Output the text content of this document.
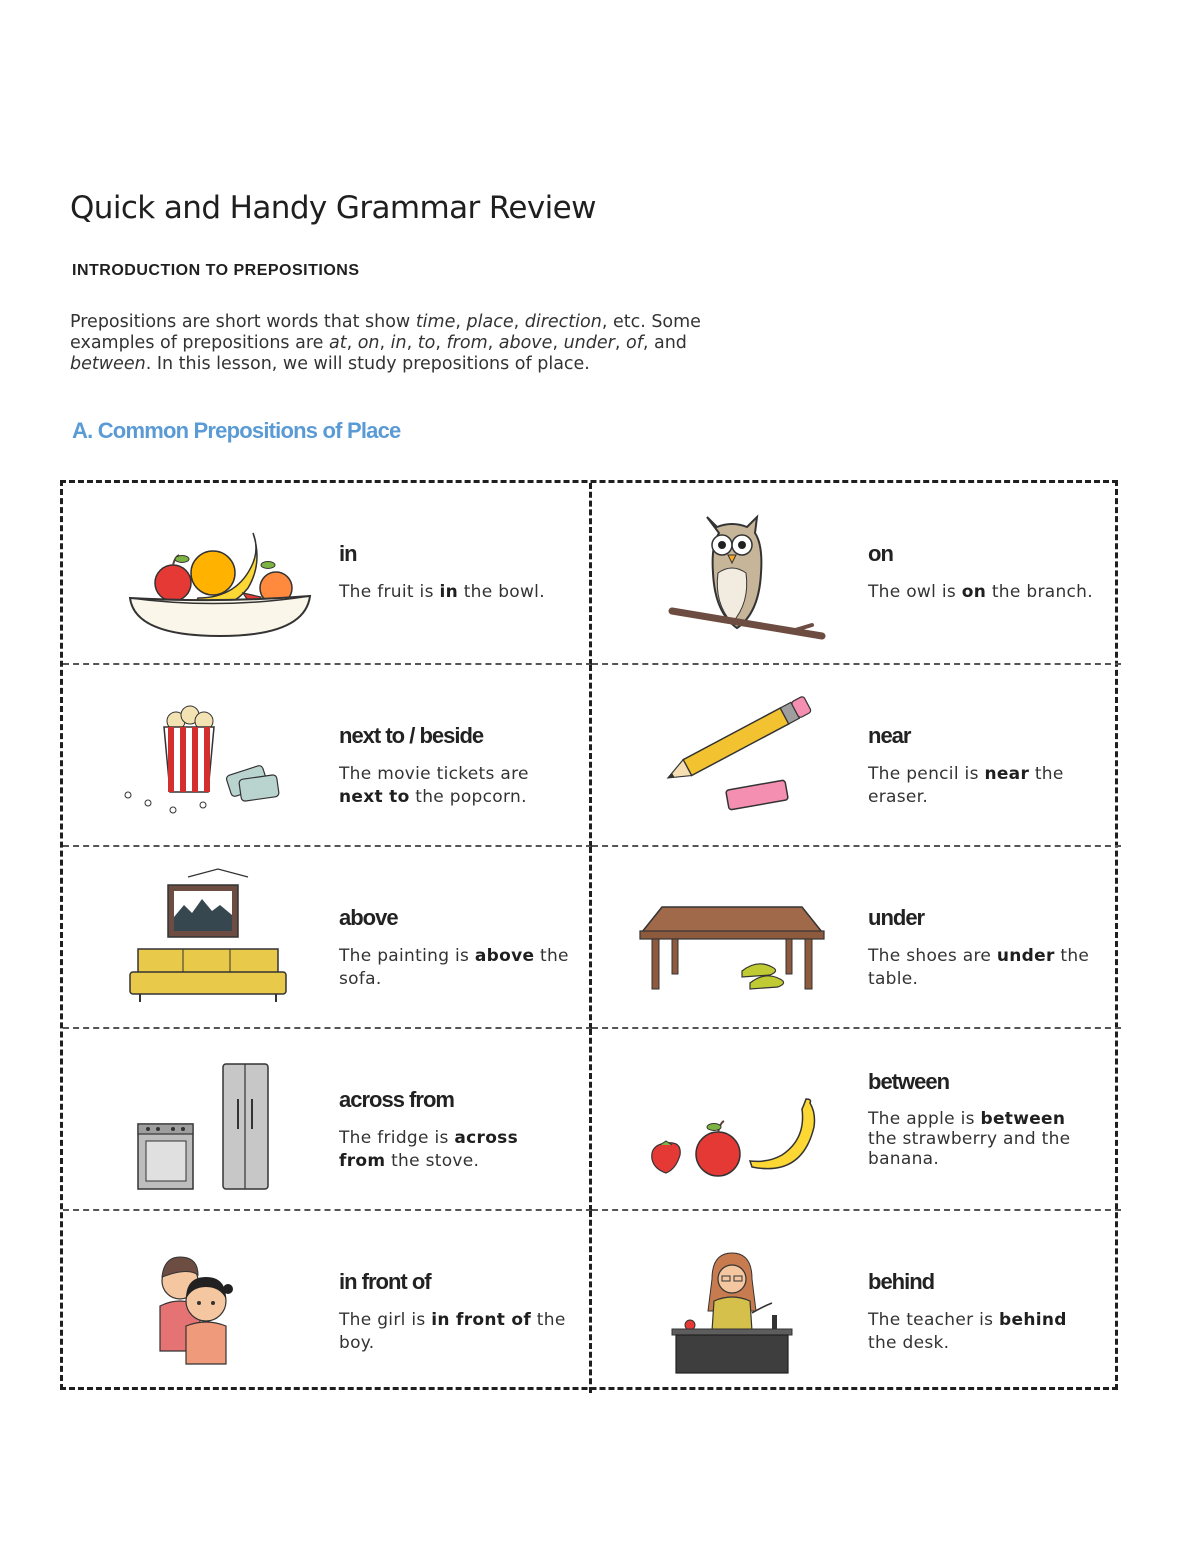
Quick and Handy Grammar Review
INTRODUCTION TO PREPOSITIONS

Prepositions are short words that show time, place, direction, etc. Some examples of prepositions are at, on, in, to, from, above, under, of, and between. In this lesson, we will study prepositions of place.

A. Common Prepositions of Place

in

The fruit is in the bowl.

on

The owl is on the branch.

next to / beside

The movie tickets are next to the popcorn.

near

The pencil is near the eraser.

above

The painting is above the sofa.

under

The shoes are under the table.

across from

The fridge is across from the stove.

between

The apple is between the strawberry and the banana.

in front of

The girl is in front of the boy.

behind

The teacher is behind the desk.
